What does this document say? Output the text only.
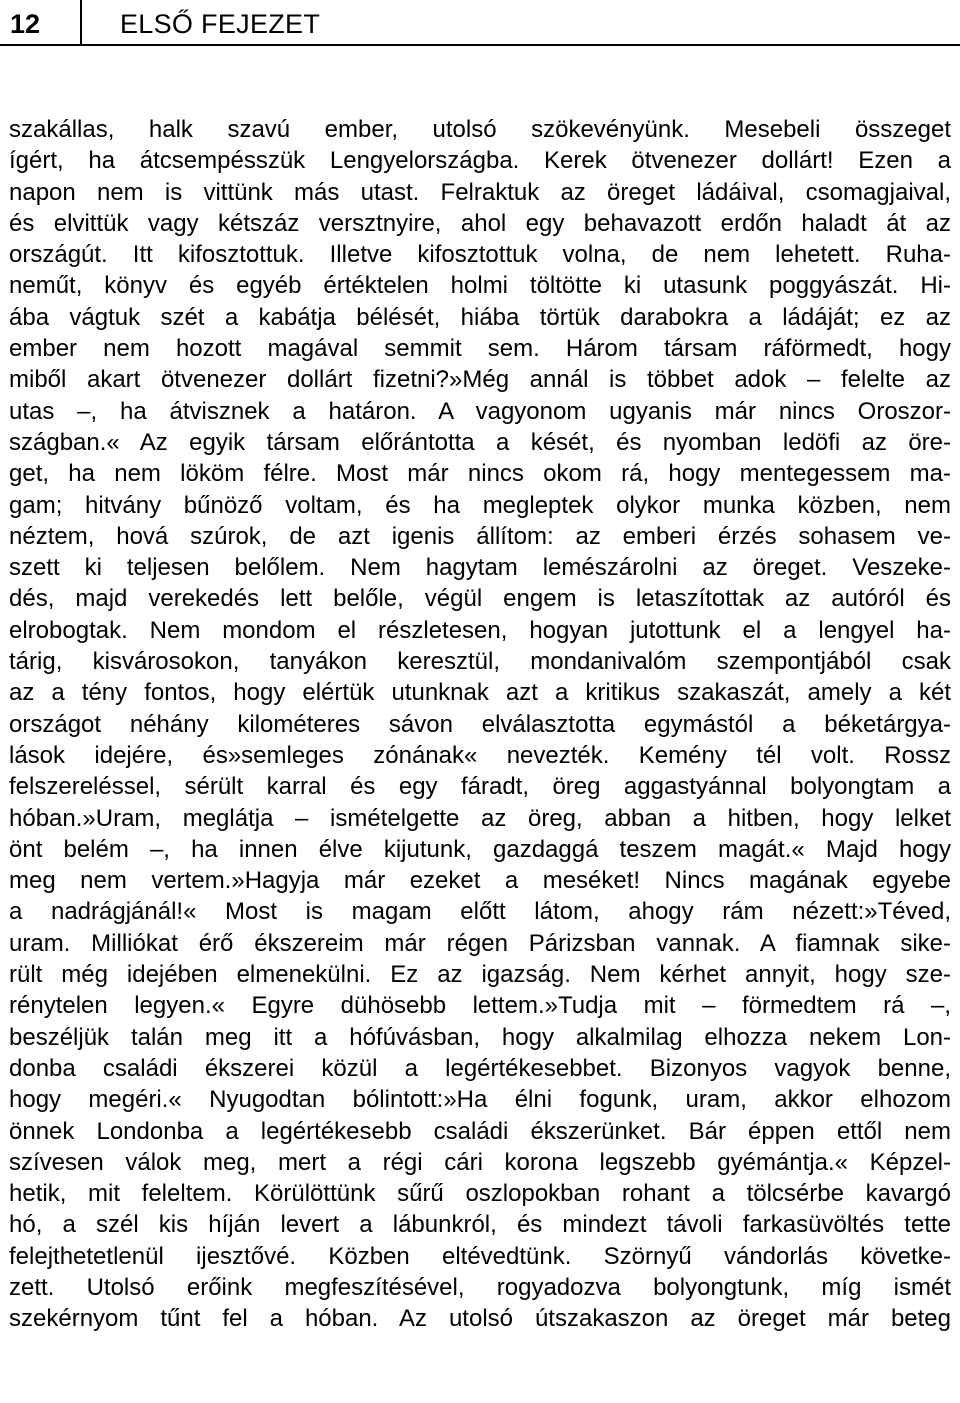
12	ELSŐ FEJEZET
szakállas, halk szavú ember, utolsó szökevényünk. Mesebeli összeget
ígért, ha átcsempésszük Lengyelországba. Kerek ötvenezer dollárt! Ezen a
napon nem is vittünk más utast. Felraktuk az öreget ládáival, csomagjaival,
és elvittük vagy kétszáz versztnyire, ahol egy behavazott erdőn haladt át az
országút. Itt kifosztottuk. Illetve kifosztottuk volna, de nem lehetett. Ruha-
neműt, könyv és egyéb értéktelen holmi töltötte ki utasunk poggyászát. Hi-
ába vágtuk szét a kabátja bélését, hiába törtük darabokra a ládáját; ez az
ember nem hozott magával semmit sem. Három társam ráförmedt, hogy
miből akart ötvenezer dollárt fizetni?»Még annál is többet adok – felelte az
utas –, ha átvisznek a határon. A vagyonom ugyanis már nincs Oroszor-
szágban.« Az egyik társam előrántotta a kését, és nyomban ledöfi az öre-
get, ha nem lököm félre. Most már nincs okom rá, hogy mentegessem ma-
gam; hitvány bűnöző voltam, és ha megleptek olykor munka közben, nem
néztem, hová szúrok, de azt igenis állítom: az emberi érzés sohasem ve-
szett ki teljesen belőlem. Nem hagytam lemészárolni az öreget. Veszeke-
dés, majd verekedés lett belőle, végül engem is letaszítottak az autóról és
elrobogtak. Nem mondom el részletesen, hogyan jutottunk el a lengyel ha-
tárig, kisvárosokon, tanyákon keresztül, mondanivalóm szempontjából csak
az a tény fontos, hogy elértük utunknak azt a kritikus szakaszát, amely a két
országot néhány kilométeres sávon elválasztotta egymástól a béketárgya-
lások idejére, és»semleges zónának« nevezték. Kemény tél volt. Rossz
felszereléssel, sérült karral és egy fáradt, öreg aggastyánnal bolyongtam a
hóban.»Uram, meglátja – ismételgette az öreg, abban a hitben, hogy lelket
önt belém –, ha innen élve kijutunk, gazdaggá teszem magát.« Majd hogy
meg nem vertem.»Hagyja már ezeket a meséket! Nincs magának egyebe
a nadrágjánál!« Most is magam előtt látom, ahogy rám nézett:»Téved,
uram. Milliókat érő ékszereim már régen Párizsban vannak. A fiamnak sike-
rült még idejében elmenekülni. Ez az igazság. Nem kérhet annyit, hogy sze-
rénytelen legyen.« Egyre dühösebb lettem.»Tudja mit – förmedtem rá –,
beszéljük talán meg itt a hófúvásban, hogy alkalmilag elhozza nekem Lon-
donba családi ékszerei közül a legértékesebbet. Bizonyos vagyok benne,
hogy megéri.« Nyugodtan bólintott:»Ha élni fogunk, uram, akkor elhozom
önnek Londonba a legértékesebb családi ékszerünket. Bár éppen ettől nem
szívesen válok meg, mert a régi cári korona legszebb gyémántja.« Képzel-
hetik, mit feleltem. Körülöttünk sűrű oszlopokban rohant a tölcsérbe kavargó
hó, a szél kis híján levert a lábunkról, és mindezt távoli farkasüvöltés tette
felejthetetlenül ijesztővé. Közben eltévedtünk. Szörnyű vándorlás követke-
zett. Utolsó erőink megfeszítésével, rogyadozva bolyongtunk, míg ismét
szekérnyom tűnt fel a hóban. Az utolsó útszakaszon az öreget már beteg
